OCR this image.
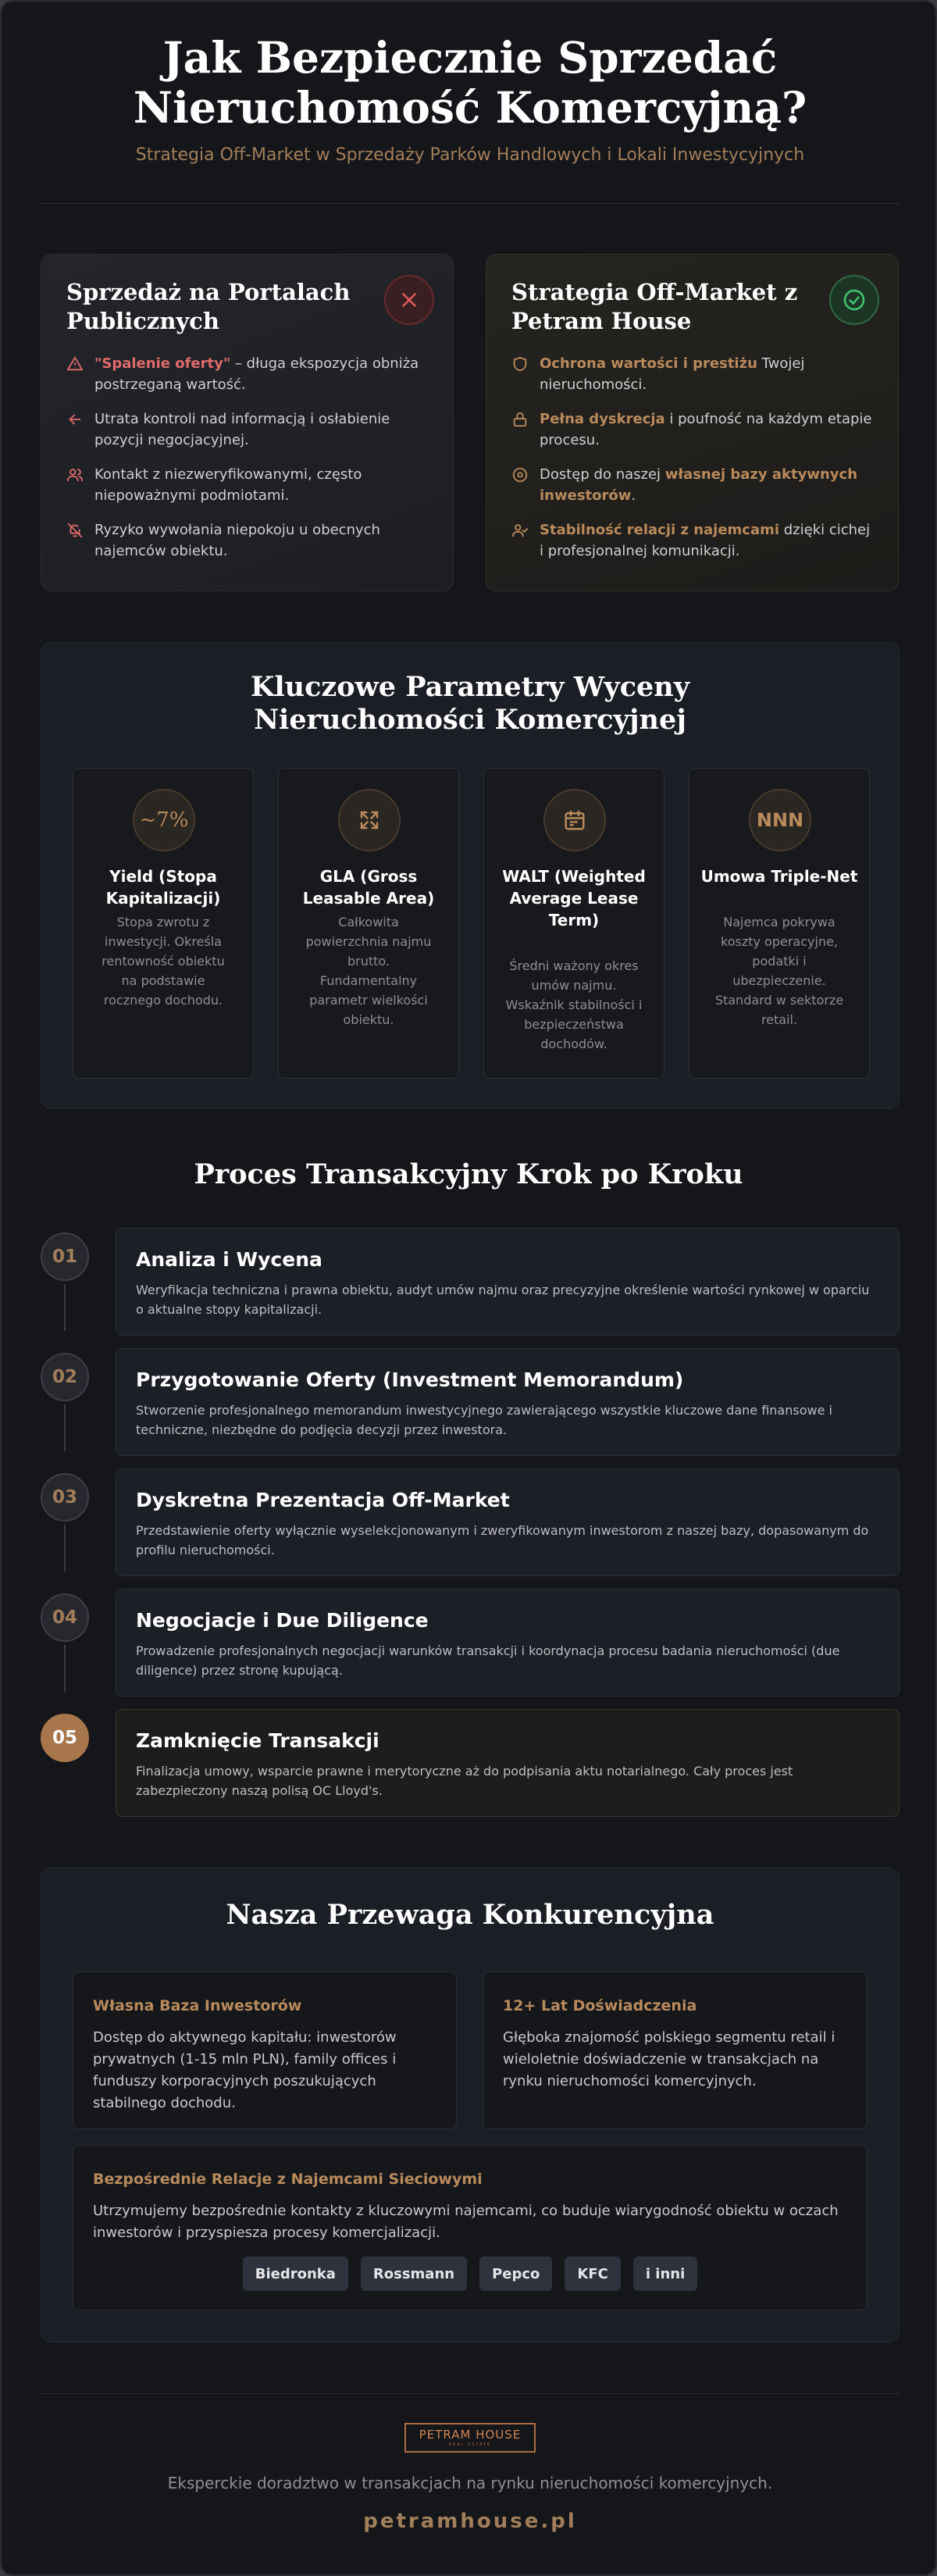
Jak Bezpiecznie Sprzedać
Nieruchomość Komercyjną?
Strategia Off-Market w Sprzedaży Parków Handlowych i Lokali Inwestycyjnych
Sprzedaż na Portalach Publicznych
"Spalenie oferty" – długa ekspozycja obniża postrzeganą wartość.
Utrata kontroli nad informacją i osłabienie pozycji negocjacyjnej.
Kontakt z niezweryfikowanymi, często niepoważnymi podmiotami.
Ryzyko wywołania niepokoju u obecnych najemców obiektu.
Strategia Off-Market z Petram House
Ochrona wartości i prestiżu Twojej nieruchomości.
Pełna dyskrecja i poufność na każdym etapie procesu.
Dostęp do naszej własnej bazy aktywnych inwestorów.
Stabilność relacji z najemcami dzięki cichej i profesjonalnej komunikacji.
Kluczowe Parametry Wyceny Nieruchomości Komercyjnej
~7%
Yield (Stopa Kapitalizacji)
Stopa zwrotu z inwestycji. Określa rentowność obiektu na podstawie rocznego dochodu.
GLA (Gross Leasable Area)
Całkowita powierzchnia najmu brutto. Fundamentalny parametr wielkości obiektu.
WALT (Weighted Average Lease Term)
Średni ważony okres umów najmu. Wskaźnik stabilności i bezpieczeństwa dochodów.
NNN
Umowa Triple-Net
Najemca pokrywa koszty operacyjne, podatki i ubezpieczenie. Standard w sektorze retail.
Proces Transakcyjny Krok po Kroku
01	Analiza i Wycena
Weryfikacja techniczna i prawna obiektu, audyt umów najmu oraz precyzyjne określenie wartości rynkowej w oparciu o aktualne stopy kapitalizacji.
02	Przygotowanie Oferty (Investment Memorandum)
Stworzenie profesjonalnego memorandum inwestycyjnego zawierającego wszystkie kluczowe dane finansowe i techniczne, niezbędne do podjęcia decyzji przez inwestora.
03	Dyskretna Prezentacja Off-Market
Przedstawienie oferty wyłącznie wyselekcjonowanym i zweryfikowanym inwestorom z naszej bazy, dopasowanym do profilu nieruchomości.
04	Negocjacje i Due Diligence
Prowadzenie profesjonalnych negocjacji warunków transakcji i koordynacja procesu badania nieruchomości (due diligence) przez stronę kupującą.
05	Zamknięcie Transakcji
Finalizacja umowy, wsparcie prawne i merytoryczne aż do podpisania aktu notarialnego. Cały proces jest zabezpieczony naszą polisą OC Lloyd's.
Nasza Przewaga Konkurencyjna
Własna Baza Inwestorów
Dostęp do aktywnego kapitału: inwestorów prywatnych (1-15 mln PLN), family offices i funduszy korporacyjnych poszukujących stabilnego dochodu.
12+ Lat Doświadczenia
Głęboka znajomość polskiego segmentu retail i wieloletnie doświadczenie w transakcjach na rynku nieruchomości komercyjnych.
Bezpośrednie Relacje z Najemcami Sieciowymi
Utrzymujemy bezpośrednie kontakty z kluczowymi najemcami, co buduje wiarygodność obiektu w oczach inwestorów i przyspiesza procesy komercjalizacji.
Biedronka	Rossmann	Pepco	KFC	i inni
PETRAM HOUSE
REAL ESTATE
Eksperckie doradztwo w transakcjach na rynku nieruchomości komercyjnych.
petramhouse.pl
